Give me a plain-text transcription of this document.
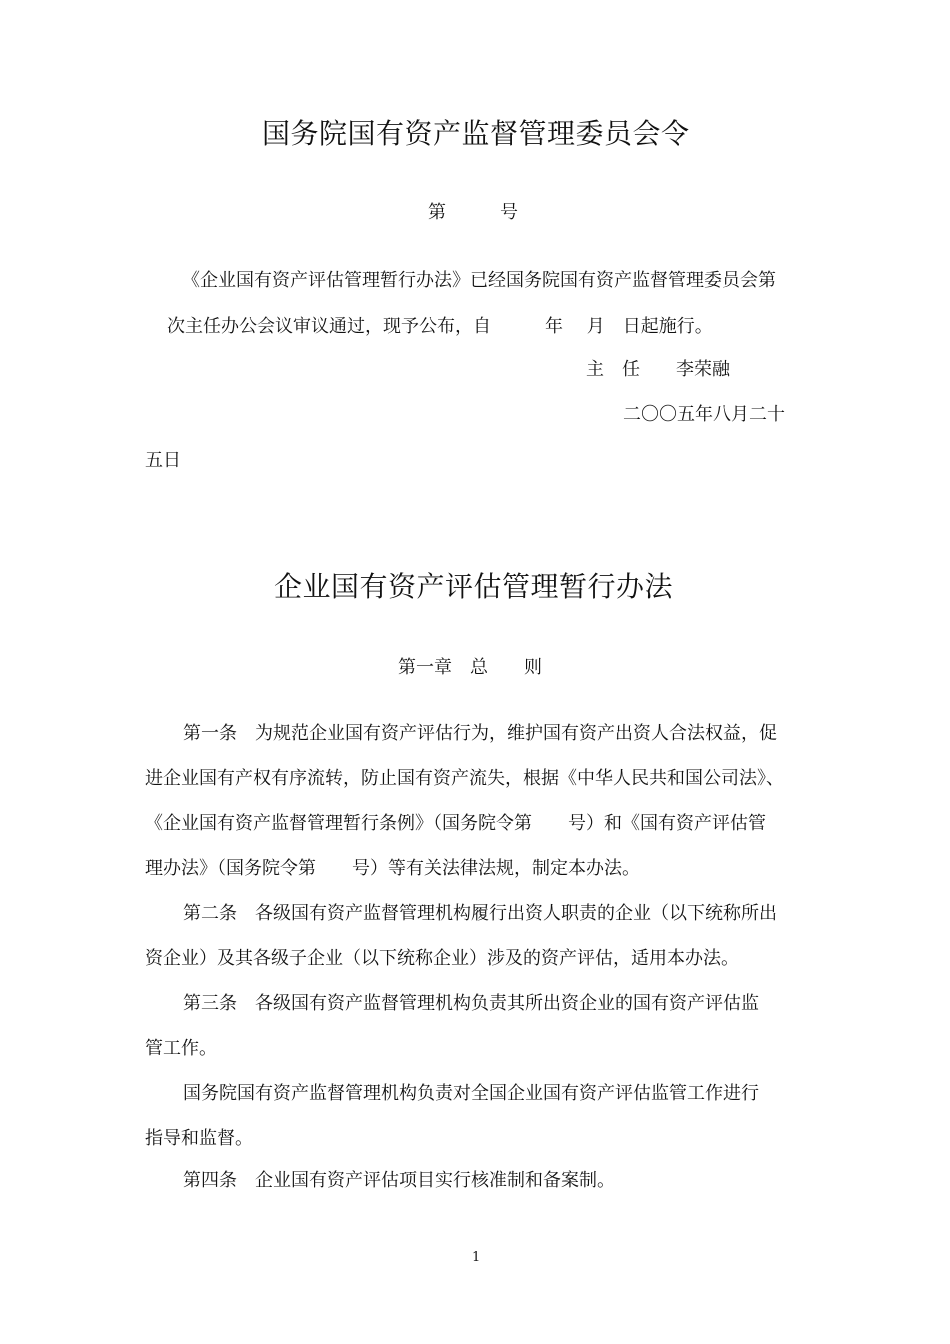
国务院国有资产监督管理委员会令
第　　　号
《企业国有资产评估管理暂行办法》已经国务院国有资产监督管理委员会第
次主任办公会议审议通过，现予公布，自　　　年　 月　日起施行。
主　任　　李荣融
二〇〇五年八月二十
五日
企业国有资产评估管理暂行办法
第一章　总　　则
第一条　为规范企业国有资产评估行为，维护国有资产出资人合法权益，促
进企业国有产权有序流转，防止国有资产流失，根据《中华人民共和国公司法》、
《企业国有资产监督管理暂行条例》（国务院令第　　号）和《国有资产评估管
理办法》（国务院令第　　号）等有关法律法规，制定本办法。
第二条　各级国有资产监督管理机构履行出资人职责的企业（以下统称所出
资企业）及其各级子企业（以下统称企业）涉及的资产评估，适用本办法。
第三条　各级国有资产监督管理机构负责其所出资企业的国有资产评估监
管工作。
国务院国有资产监督管理机构负责对全国企业国有资产评估监管工作进行
指导和监督。
第四条　企业国有资产评估项目实行核准制和备案制。
1
